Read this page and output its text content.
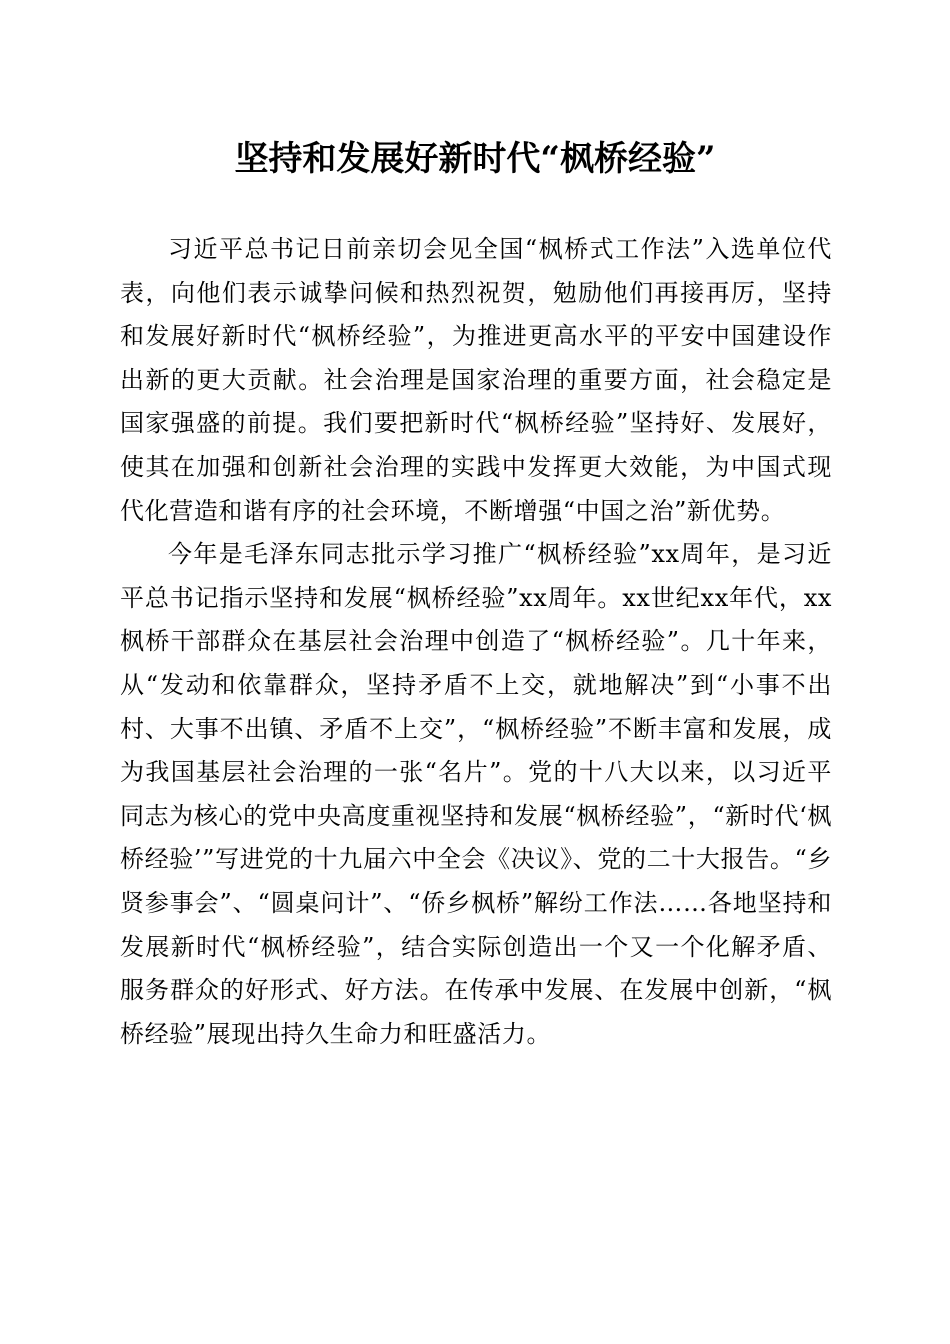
坚持和发展好新时代“枫桥经验”

习近平总书记日前亲切会见全国“枫桥式工作法”入选单位代表，向他们表示诚挚问候和热烈祝贺，勉励他们再接再厉，坚持和发展好新时代“枫桥经验”，为推进更高水平的平安中国建设作出新的更大贡献。社会治理是国家治理的重要方面，社会稳定是国家强盛的前提。我们要把新时代“枫桥经验”坚持好、发展好，使其在加强和创新社会治理的实践中发挥更大效能，为中国式现代化营造和谐有序的社会环境，不断增强“中国之治”新优势。

今年是毛泽东同志批示学习推广“枫桥经验”xx周年，是习近平总书记指示坚持和发展“枫桥经验”xx周年。xx世纪xx年代，xx枫桥干部群众在基层社会治理中创造了“枫桥经验”。几十年来，从“发动和依靠群众，坚持矛盾不上交，就地解决”到“小事不出村、大事不出镇、矛盾不上交”，“枫桥经验”不断丰富和发展，成为我国基层社会治理的一张“名片”。党的十八大以来，以习近平同志为核心的党中央高度重视坚持和发展“枫桥经验”，“新时代‘枫桥经验’”写进党的十九届六中全会《决议》、党的二十大报告。“乡贤参事会”、“圆桌问计”、“侨乡枫桥”解纷工作法……各地坚持和发展新时代“枫桥经验”，结合实际创造出一个又一个化解矛盾、服务群众的好形式、好方法。在传承中发展、在发展中创新，“枫桥经验”展现出持久生命力和旺盛活力。
